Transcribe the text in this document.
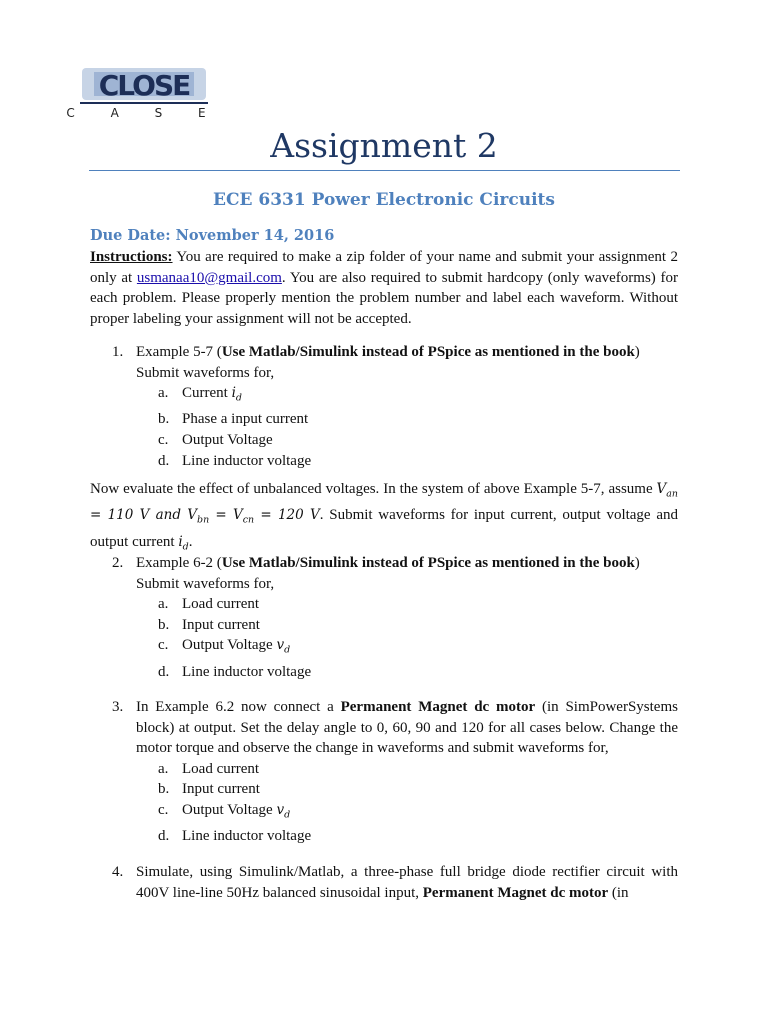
CLOSE
C A S E
Assignment 2
ECE 6331 Power Electronic Circuits
Due Date: November 14, 2016
Instructions: You are required to make a zip folder of your name and submit your assignment 2 only at usmanaa10@gmail.com. You are also required to submit hardcopy (only waveforms) for each problem. Please properly mention the problem number and label each waveform. Without proper labeling your assignment will not be accepted.
1. Example 5-7 (Use Matlab/Simulink instead of PSpice as mentioned in the book)
Submit waveforms for,
a. Current $i_d$
b. Phase a input current
c. Output Voltage
d. Line inductor voltage
Now evaluate the effect of unbalanced voltages. In the system of above Example 5-7, assume $V_{an} = 110$ V and $V_{bn} = V_{cn} = 120$ V. Submit waveforms for input current, output voltage and output current $i_d$.
2. Example 6-2 (Use Matlab/Simulink instead of PSpice as mentioned in the book)
Submit waveforms for,
a. Load current
b. Input current
c. Output Voltage $v_d$
d. Line inductor voltage
3. In Example 6.2 now connect a Permanent Magnet dc motor (in SimPowerSystems block) at output. Set the delay angle to 0, 60, 90 and 120 for all cases below. Change the motor torque and observe the change in waveforms and submit waveforms for,
a. Load current
b. Input current
c. Output Voltage $v_d$
d. Line inductor voltage
4. Simulate, using Simulink/Matlab, a three-phase full bridge diode rectifier circuit with 400V line-line 50Hz balanced sinusoidal input, Permanent Magnet dc motor (in
